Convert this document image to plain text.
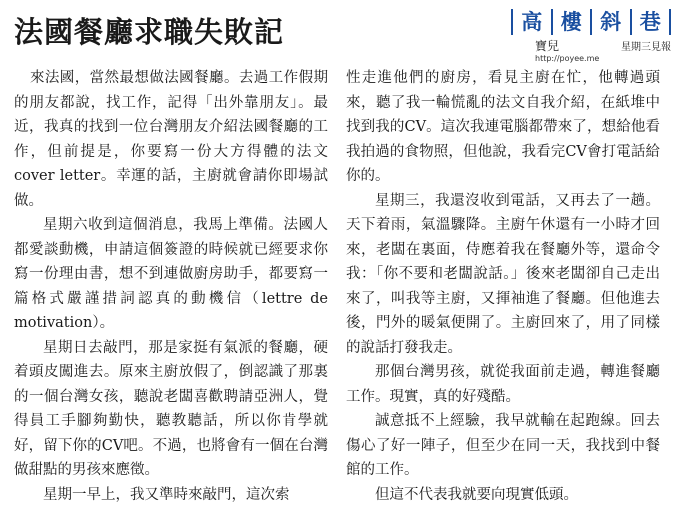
法國餐廳求職失敗記	高 樓 斜 巷
寶兒	星期三見報
http://poyee.me

來法國，當然最想做法國餐廳。去過工作假期的朋友都說，找工作，記得「出外靠朋友」。最近，我真的找到一位台灣朋友介紹法國餐廳的工作，但前提是，你要寫一份大方得體的法文 cover letter。幸運的話，主廚就會請你即場試做。

星期六收到這個消息，我馬上準備。法國人都愛談動機，申請這個簽證的時候就已經要求你寫一份理由書，想不到連做廚房助手，都要寫一篇格式嚴謹措詞認真的動機信（lettre de motivation）。

星期日去敲門，那是家挺有氣派的餐廳，硬着頭皮闖進去。原來主廚放假了，倒認識了那裏的一個台灣女孩，聽說老闆喜歡聘請亞洲人，覺得員工手腳夠勤快，聽教聽話，所以你肯學就好，留下你的CV吧。不過，也將會有一個在台灣做甜點的男孩來應徵。

星期一早上，我又準時來敲門，這次索

性走進他們的廚房，看見主廚在忙，他轉過頭來，聽了我一輪慌亂的法文自我介紹，在紙堆中找到我的CV。這次我連電腦都帶來了，想給他看我拍過的食物照，但他說，我看完CV會打電話給你的。

星期三，我還沒收到電話，又再去了一趟。天下着雨，氣溫驟降。主廚午休還有一小時才回來，老闆在裏面，侍應着我在餐廳外等，還命令我：「你不要和老闆說話。」後來老闆卻自己走出來了，叫我等主廚，又揮袖進了餐廳。但他進去後，門外的暖氣便開了。主廚回來了，用了同樣的說話打發我走。

那個台灣男孩，就從我面前走過，轉進餐廳工作。現實，真的好殘酷。

誠意抵不上經驗，我早就輸在起跑線。回去傷心了好一陣子，但至少在同一天，我找到中餐館的工作。

但這不代表我就要向現實低頭。
